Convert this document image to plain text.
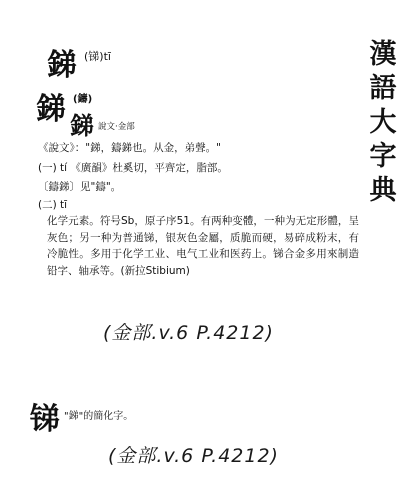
漢
語
大
字
典
銻 (锑)tī
銻 (鑄)
銻 說文·金部
《說文》："銻，鑄銻也。从金，弟聲。"
(一) tí 《廣韻》杜奚切，平齊定，脂部。
〔鑄銻〕见"鑄"。
(二) tī
化学元素。符号Sb，原子序51。有两种变體，一种为无定形體，呈灰色；另一种为普通锑，银灰色金屬，质脆而硬，易碎成粉末，有冷脆性。多用于化学工业、电气工业和医药上。锑合金多用來制造铅字、轴承等。(新拉Stibium)
(金部.v.6 P.4212)
锑 "銻"的簡化字。
(金部.v.6 P.4212)
